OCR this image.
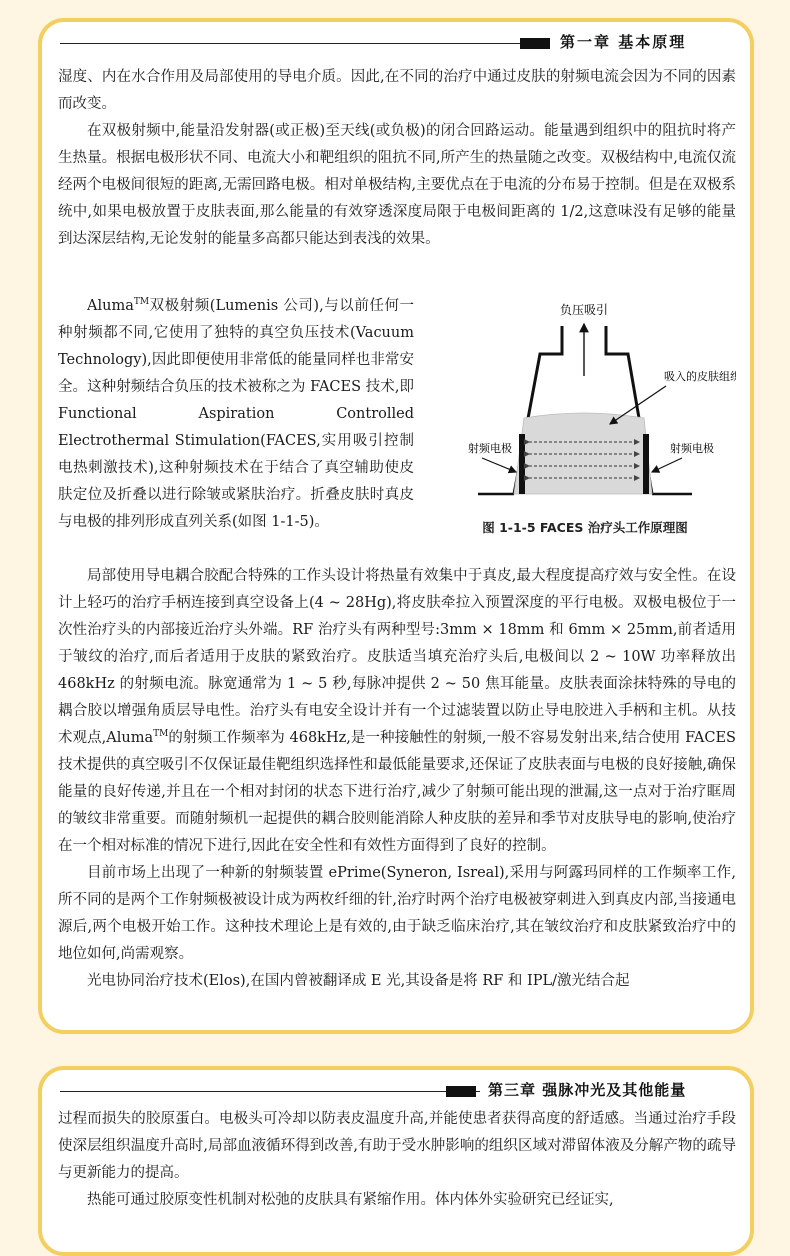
第一章 基本原理

湿度、内在水合作用及局部使用的导电介质。因此,在不同的治疗中通过皮肤的射频电流会因为不同的因素而改变。

在双极射频中,能量沿发射器(或正极)至天线(或负极)的闭合回路运动。能量遇到组织中的阻抗时将产生热量。根据电极形状不同、电流大小和靶组织的阻抗不同,所产生的热量随之改变。双极结构中,电流仅流经两个电极间很短的距离,无需回路电极。相对单极结构,主要优点在于电流的分布易于控制。但是在双极系统中,如果电极放置于皮肤表面,那么能量的有效穿透深度局限于电极间距离的 1/2,这意味没有足够的能量到达深层结构,无论发射的能量多高都只能达到表浅的效果。

Aluma™双极射频(Lumenis 公司),与以前任何一种射频都不同,它使用了独特的真空负压技术(Vacuum Technology),因此即便使用非常低的能量同样也非常安全。这种射频结合负压的技术被称之为 FACES 技术,即 Functional Aspiration Controlled Electrothermal Stimulation(FACES,实用吸引控制电热刺激技术),这种射频技术在于结合了真空辅助使皮肤定位及折叠以进行除皱或紧肤治疗。折叠皮肤时真皮与电极的排列形成直列关系(如图 1-1-5)。

负压吸引
吸入的皮肤组织
射频电极	射频电极
图 1-1-5 FACES 治疗头工作原理图

局部使用导电耦合胶配合特殊的工作头设计将热量有效集中于真皮,最大程度提高疗效与安全性。在设计上轻巧的治疗手柄连接到真空设备上(4 ~ 28Hg),将皮肤牵拉入预置深度的平行电极。双极电极位于一次性治疗头的内部接近治疗头外端。RF 治疗头有两种型号:3mm × 18mm 和 6mm × 25mm,前者适用于皱纹的治疗,而后者适用于皮肤的紧致治疗。皮肤适当填充治疗头后,电极间以 2 ~ 10W 功率释放出 468kHz 的射频电流。脉宽通常为 1 ~ 5 秒,每脉冲提供 2 ~ 50 焦耳能量。皮肤表面涂抹特殊的导电的耦合胶以增强角质层导电性。治疗头有电安全设计并有一个过滤装置以防止导电胶进入手柄和主机。从技术观点,Aluma™的射频工作频率为 468kHz,是一种接触性的射频,一般不容易发射出来,结合使用 FACES 技术提供的真空吸引不仅保证最佳靶组织选择性和最低能量要求,还保证了皮肤表面与电极的良好接触,确保能量的良好传递,并且在一个相对封闭的状态下进行治疗,减少了射频可能出现的泄漏,这一点对于治疗眶周的皱纹非常重要。而随射频机一起提供的耦合胶则能消除人种皮肤的差异和季节对皮肤导电的影响,使治疗在一个相对标准的情况下进行,因此在安全性和有效性方面得到了良好的控制。

目前市场上出现了一种新的射频装置 ePrime(Syneron, Isreal),采用与阿露玛同样的工作频率工作,所不同的是两个工作射频极被设计成为两枚纤细的针,治疗时两个治疗电极被穿刺进入到真皮内部,当接通电源后,两个电极开始工作。这种技术理论上是有效的,由于缺乏临床治疗,其在皱纹治疗和皮肤紧致治疗中的地位如何,尚需观察。

光电协同治疗技术(Elos),在国内曾被翻译成 E 光,其设备是将 RF 和 IPL/激光结合起

第三章 强脉冲光及其他能量

过程而损失的胶原蛋白。电极头可冷却以防表皮温度升高,并能使患者获得高度的舒适感。当通过治疗手段使深层组织温度升高时,局部血液循环得到改善,有助于受水肿影响的组织区域对滞留体液及分解产物的疏导与更新能力的提高。

热能可通过胶原变性机制对松弛的皮肤具有紧缩作用。体内体外实验研究已经证实,
